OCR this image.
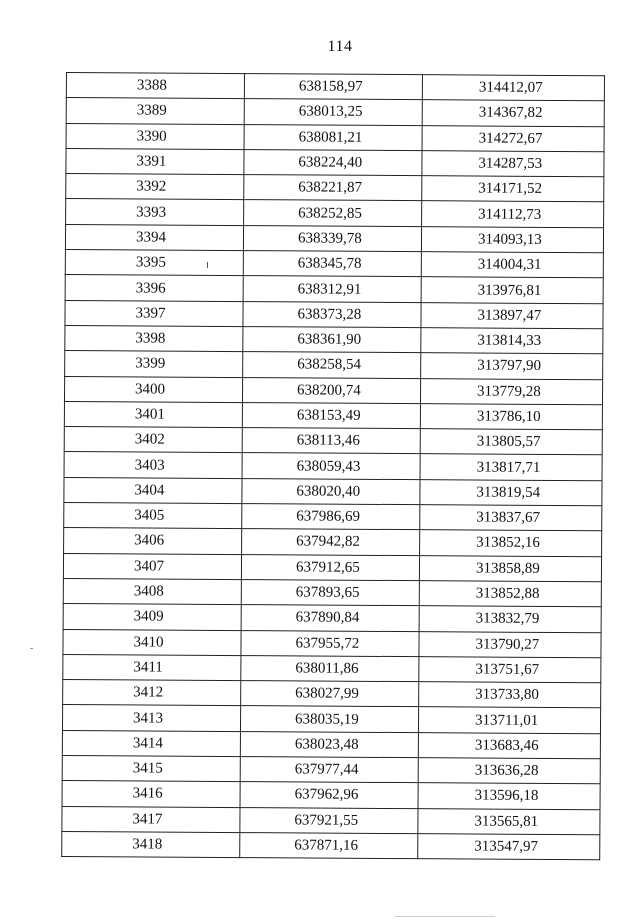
114
3388	638158,97	314412,07
3389	638013,25	314367,82
3390	638081,21	314272,67
3391	638224,40	314287,53
3392	638221,87	314171,52
3393	638252,85	314112,73
3394	638339,78	314093,13
3395	638345,78	314004,31
3396	638312,91	313976,81
3397	638373,28	313897,47
3398	638361,90	313814,33
3399	638258,54	313797,90
3400	638200,74	313779,28
3401	638153,49	313786,10
3402	638113,46	313805,57
3403	638059,43	313817,71
3404	638020,40	313819,54
3405	637986,69	313837,67
3406	637942,82	313852,16
3407	637912,65	313858,89
3408	637893,65	313852,88
3409	637890,84	313832,79
3410	637955,72	313790,27
3411	638011,86	313751,67
3412	638027,99	313733,80
3413	638035,19	313711,01
3414	638023,48	313683,46
3415	637977,44	313636,28
3416	637962,96	313596,18
3417	637921,55	313565,81
3418	637871,16	313547,97
